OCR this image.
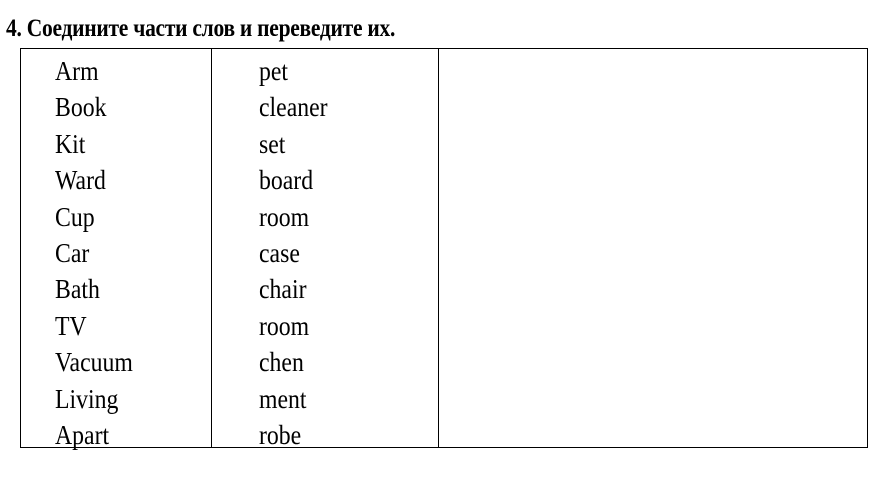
4. Соедините части слов и переведите их.
Arm
Book
Kit
Ward
Cup
Car
Bath
TV
Vacuum
Living
Apart
pet
cleaner
set
board
room
case
chair
room
chen
ment
robe
